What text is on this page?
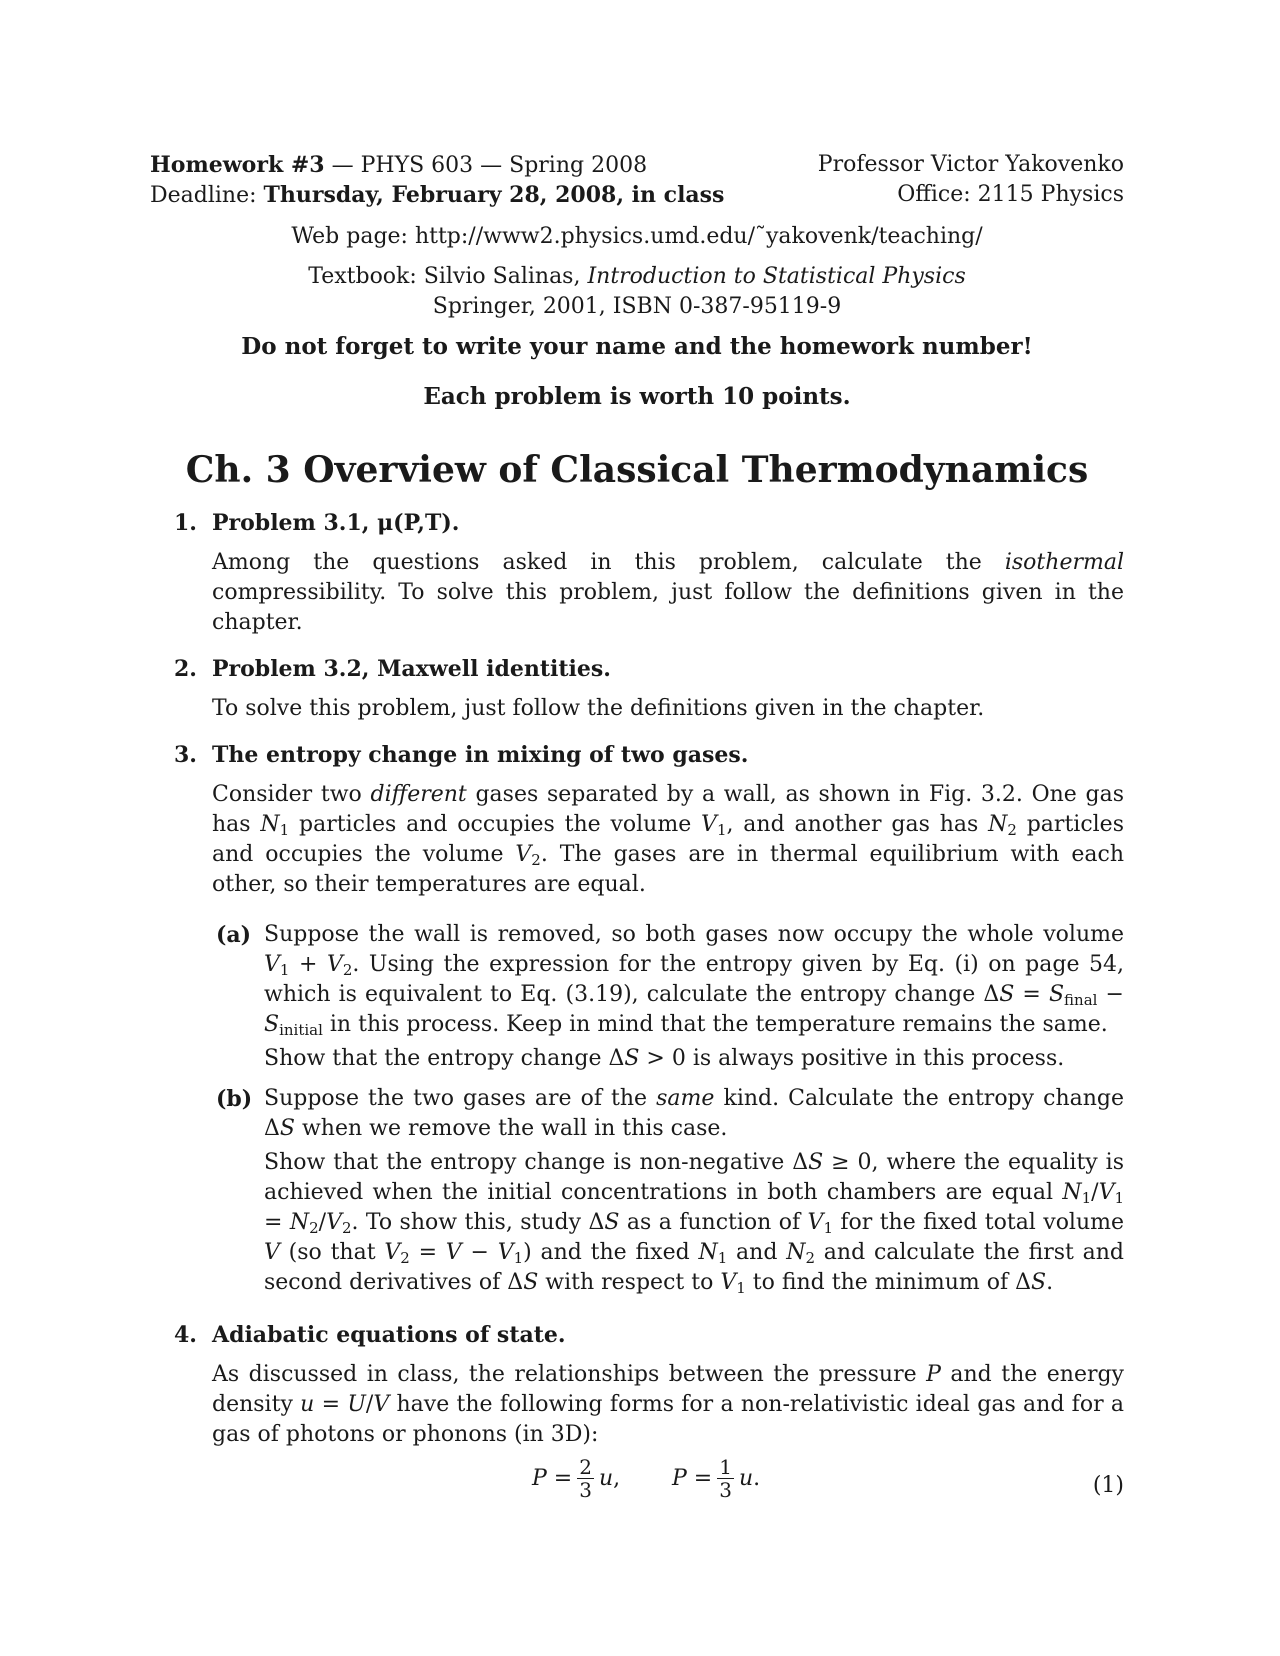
Homework #3 — PHYS 603 — Spring 2008	Professor Victor Yakovenko
Deadline: Thursday, February 28, 2008, in class	Office: 2115 Physics
Web page: http://www2.physics.umd.edu/˜yakovenk/teaching/
Textbook: Silvio Salinas, Introduction to Statistical Physics
Springer, 2001, ISBN 0-387-95119-9
Do not forget to write your name and the homework number!
Each problem is worth 10 points.
Ch. 3 Overview of Classical Thermodynamics
1. Problem 3.1, μ(P,T).
Among the questions asked in this problem, calculate the isothermal compressibility. To solve this problem, just follow the definitions given in the chapter.
2. Problem 3.2, Maxwell identities.
To solve this problem, just follow the definitions given in the chapter.
3. The entropy change in mixing of two gases.
Consider two different gases separated by a wall, as shown in Fig. 3.2. One gas has $N_1$ particles and occupies the volume $V_1$, and another gas has $N_2$ particles and occupies the volume $V_2$. The gases are in thermal equilibrium with each other, so their temperatures are equal.
(a) Suppose the wall is removed, so both gases now occupy the whole volume $V_1 + V_2$. Using the expression for the entropy given by Eq. (i) on page 54, which is equivalent to Eq. (3.19), calculate the entropy change $\Delta S = S_{final} - S_{initial}$ in this process. Keep in mind that the temperature remains the same.

Show that the entropy change ΔS > 0 is always positive in this process.

(b) Suppose the two gases are of the same kind. Calculate the entropy change ΔS when we remove the wall in this case.

Show that the entropy change is non-negative ΔS ≥ 0, where the equality is achieved when the initial concentrations in both chambers are equal $N_1/V_1 = N_2/V_2$. To show this, study ΔS as a function of $V_1$ for the fixed total volume V (so that $V_2 = V - V_1$) and the fixed $N_1$ and $N_2$ and calculate the first and second derivatives of ΔS with respect to $V_1$ to find the minimum of ΔS.

4. Adiabatic equations of state.
As discussed in class, the relationships between the pressure P and the energy density u = U/V have the following forms for a non-relativistic ideal gas and for a gas of photons or phonons (in 3D):
$P = \frac{2}{3}$ u , $P = \frac{1}{3}$ u .	(1)
